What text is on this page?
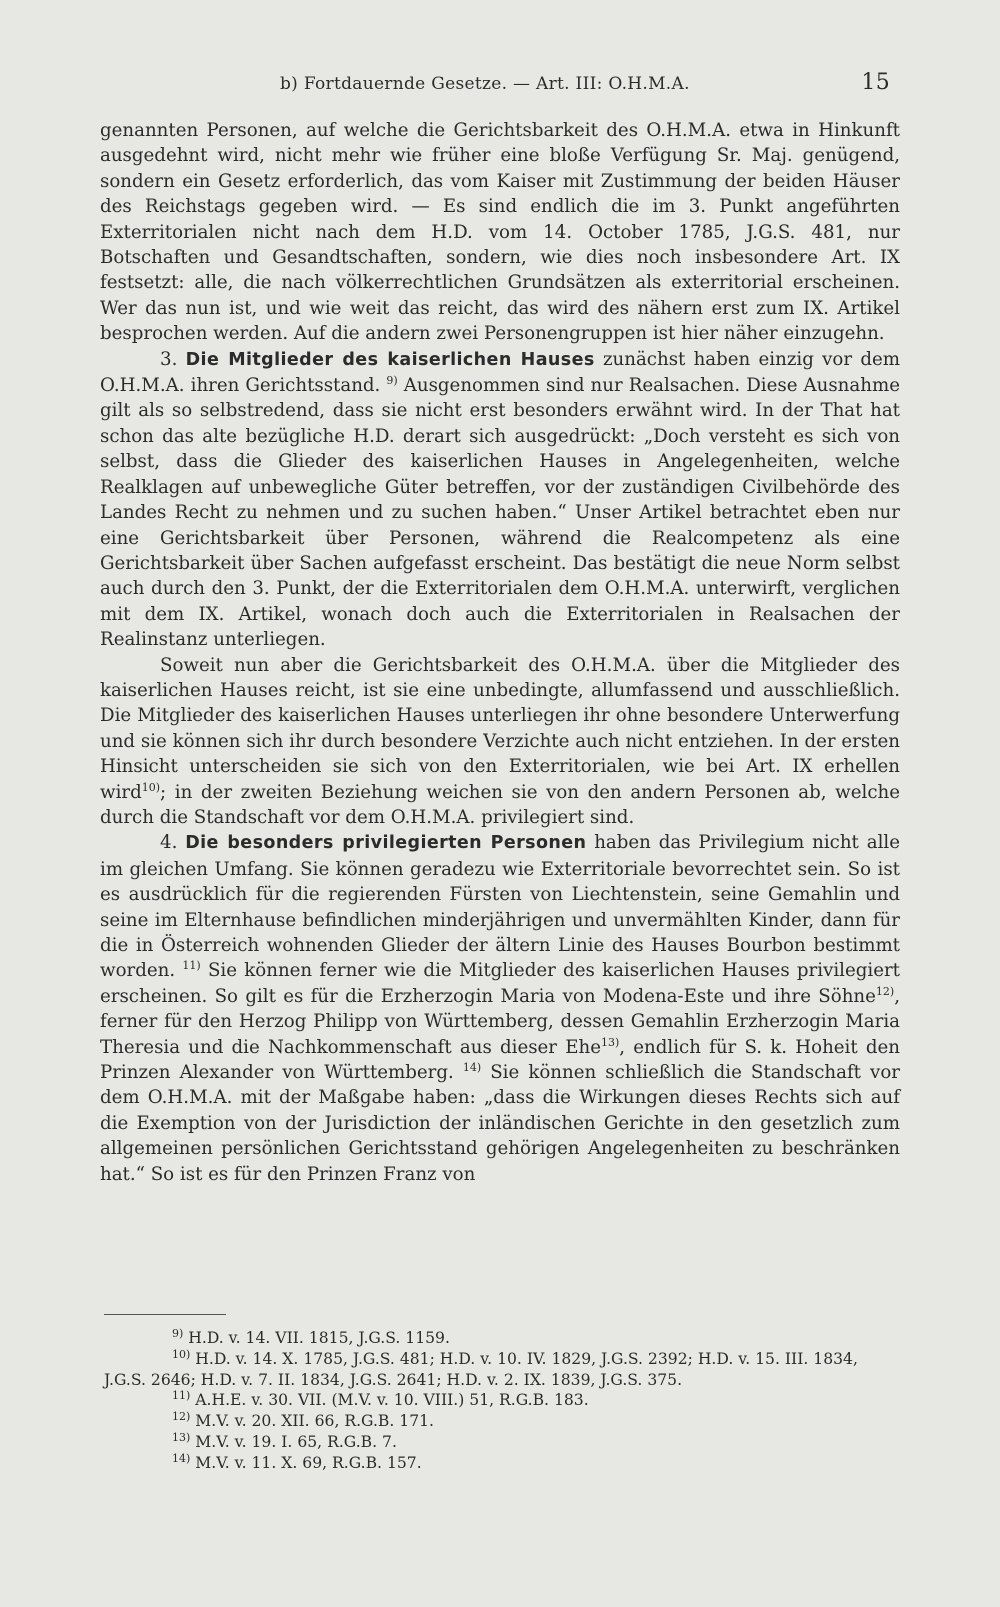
b) Fortdauernde Gesetze. — Art. III: O.H.M.A.	15

genannten Personen, auf welche die Gerichtsbarkeit des O.H.M.A. etwa in Hinkunft ausgedehnt wird, nicht mehr wie früher eine bloße Verfügung Sr. Maj. genügend, sondern ein Gesetz erforderlich, das vom Kaiser mit Zustimmung der beiden Häuser des Reichstags gegeben wird. — Es sind endlich die im 3. Punkt angeführten Exterritorialen nicht nach dem H.D. vom 14. October 1785, J.G.S. 481, nur Botschaften und Gesandtschaften, sondern, wie dies noch insbesondere Art. IX festsetzt: alle, die nach völkerrechtlichen Grundsätzen als exterritorial erscheinen. Wer das nun ist, und wie weit das reicht, das wird des nähern erst zum IX. Artikel besprochen werden. Auf die andern zwei Personengruppen ist hier näher einzugehn.

3. Die Mitglieder des kaiserlichen Hauses zunächst haben einzig vor dem O.H.M.A. ihren Gerichtsstand. $^{9)}$ Ausgenommen sind nur Realsachen. Diese Ausnahme gilt als so selbstredend, dass sie nicht erst besonders erwähnt wird. In der That hat schon das alte bezügliche H.D. derart sich ausgedrückt: „Doch versteht es sich von selbst, dass die Glieder des kaiserlichen Hauses in Angelegenheiten, welche Realklagen auf unbewegliche Güter betreffen, vor der zuständigen Civilbehörde des Landes Recht zu nehmen und zu suchen haben.“ Unser Artikel betrachtet eben nur eine Gerichtsbarkeit über Personen, während die Realcompetenz als eine Gerichtsbarkeit über Sachen aufgefasst erscheint. Das bestätigt die neue Norm selbst auch durch den 3. Punkt, der die Exterritorialen dem O.H.M.A. unterwirft, verglichen mit dem IX. Artikel, wonach doch auch die Exterritorialen in Realsachen der Realinstanz unterliegen.

Soweit nun aber die Gerichtsbarkeit des O.H.M.A. über die Mitglieder des kaiserlichen Hauses reicht, ist sie eine unbedingte, allumfassend und ausschließlich. Die Mitglieder des kaiserlichen Hauses unterliegen ihr ohne besondere Unterwerfung und sie können sich ihr durch besondere Verzichte auch nicht entziehen. In der ersten Hinsicht unterscheiden sie sich von den Exterritorialen, wie bei Art. IX erhellen wird$^{10)}$; in der zweiten Beziehung weichen sie von den andern Personen ab, welche durch die Standschaft vor dem O.H.M.A. privilegiert sind.

4. Die besonders privilegierten Personen haben das Privilegium nicht alle im gleichen Umfang. Sie können geradezu wie Exterritoriale bevorrechtet sein. So ist es ausdrücklich für die regierenden Fürsten von Liechtenstein, seine Gemahlin und seine im Elternhause befindlichen minderjährigen und unvermählten Kinder, dann für die in Österreich wohnenden Glieder der ältern Linie des Hauses Bourbon bestimmt worden. $^{11)}$ Sie können ferner wie die Mitglieder des kaiserlichen Hauses privilegiert erscheinen. So gilt es für die Erzherzogin Maria von Modena-Este und ihre Söhne$^{12)}$, ferner für den Herzog Philipp von Württemberg, dessen Gemahlin Erzherzogin Maria Theresia und die Nachkommenschaft aus dieser Ehe$^{13)}$, endlich für S. k. Hoheit den Prinzen Alexander von Württemberg. $^{14)}$ Sie können schließlich die Standschaft vor dem O.H.M.A. mit der Maßgabe haben: „dass die Wirkungen dieses Rechts sich auf die Exemption von der Jurisdiction der inländischen Gerichte in den gesetzlich zum allgemeinen persönlichen Gerichtsstand gehörigen Angelegenheiten zu beschränken hat.“ So ist es für den Prinzen Franz von

$^{9)}$ H.D. v. 14. VII. 1815, J.G.S. 1159.

$^{10)}$ H.D. v. 14. X. 1785, J.G.S. 481; H.D. v. 10. IV. 1829, J.G.S. 2392; H.D. v. 15. III. 1834, J.G.S. 2646; H.D. v. 7. II. 1834, J.G.S. 2641; H.D. v. 2. IX. 1839, J.G.S. 375.

$^{11)}$ A.H.E. v. 30. VII. (M.V. v. 10. VIII.) 51, R.G.B. 183.

$^{12)}$ M.V. v. 20. XII. 66, R.G.B. 171.

$^{13)}$ M.V. v. 19. I. 65, R.G.B. 7.

$^{14)}$ M.V. v. 11. X. 69, R.G.B. 157.
